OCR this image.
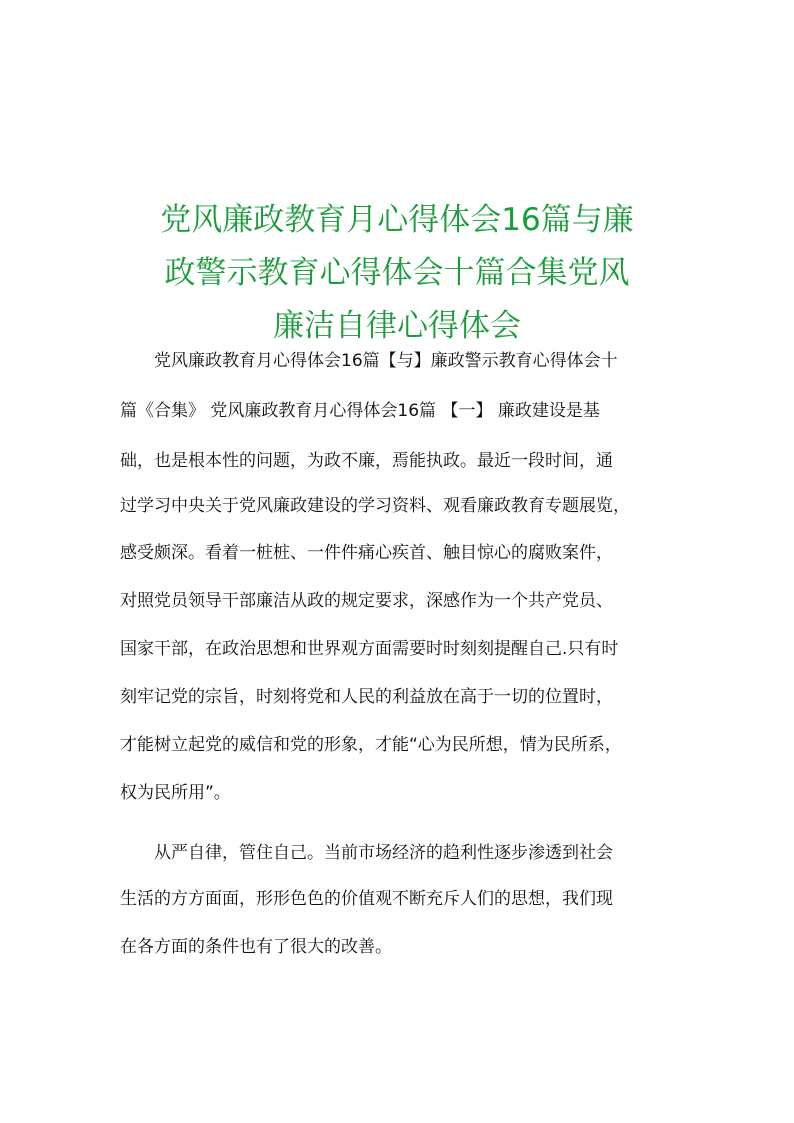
党风廉政教育月心得体会16篇与廉
政警示教育心得体会十篇合集党风
廉洁自律心得体会

党风廉政教育月心得体会16篇【与】廉政警示教育心得体会十

篇《合集》 党风廉政教育月心得体会16篇 【一】 廉政建设是基

础，也是根本性的问题，为政不廉，焉能执政。最近一段时间，通

过学习中央关于党风廉政建设的学习资料、观看廉政教育专题展览，

感受颇深。看着一桩桩、一件件痛心疾首、触目惊心的腐败案件，

对照党员领导干部廉洁从政的规定要求，深感作为一个共产党员、

国家干部，在政治思想和世界观方面需要时时刻刻提醒自己.只有时

刻牢记党的宗旨，时刻将党和人民的利益放在高于一切的位置时，

才能树立起党的威信和党的形象，才能“心为民所想，情为民所系，

权为民所用”。

从严自律，管住自己。当前市场经济的趋利性逐步渗透到社会

生活的方方面面，形形色色的价值观不断充斥人们的思想，我们现

在各方面的条件也有了很大的改善。
